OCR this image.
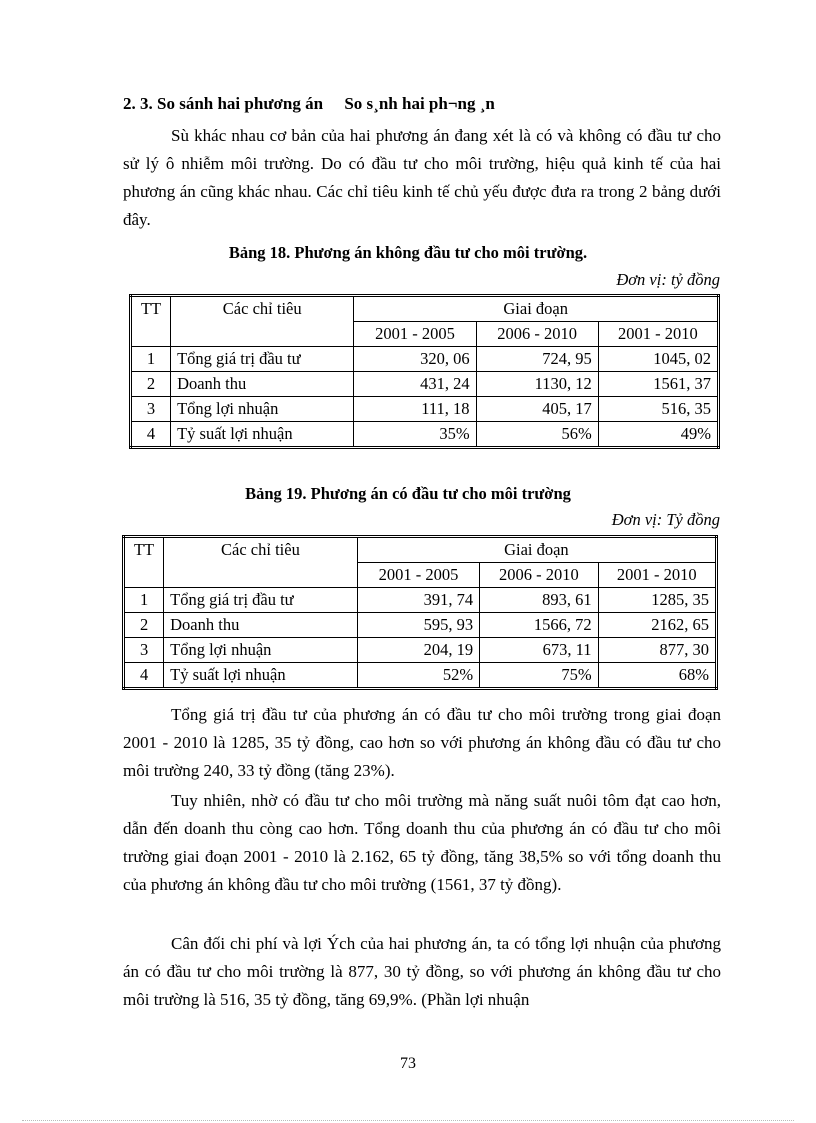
2. 3. So sánh hai phương án So s¸nh hai ph¬ng ¸n

Sù khác nhau cơ bản của hai phương án đang xét là có và không có đầu tư cho sử lý ô nhiễm môi trường. Do có đầu tư cho môi trường, hiệu quả kinh tế của hai phương án cũng khác nhau. Các chỉ tiêu kinh tế chủ yếu được đưa ra trong 2 bảng dưới đây.

Bảng 18. Phương án không đầu tư cho môi trường.
Đơn vị: tỷ đồng
TT	Các chỉ tiêu	Giai đoạn		
		2001 - 2005	2006 - 2010	2001 - 2010
1	Tổng giá trị đầu tư	320, 06	724, 95	1045, 02
2	Doanh thu	431, 24	1130, 12	1561, 37
3	Tổng lợi nhuận	111, 18	405, 17	516, 35
4	Tỷ suất lợi nhuận	35%	56%	49%
Bảng 19. Phương án có đầu tư cho môi trường
Đơn vị: Tỷ đồng
TT	Các chỉ tiêu	Giai đoạn		
		2001 - 2005	2006 - 2010	2001 - 2010
1	Tổng giá trị đầu tư	391, 74	893, 61	1285, 35
2	Doanh thu	595, 93	1566, 72	2162, 65
3	Tổng lợi nhuận	204, 19	673, 11	877, 30
4	Tỷ suất lợi nhuận	52%	75%	68%

Tổng giá trị đầu tư của phương án có đầu tư cho môi trường trong giai đoạn 2001 - 2010 là 1285, 35 tỷ đồng, cao hơn so với phương án không đầu có đầu tư cho môi trường 240, 33 tỷ đồng (tăng 23%).

Tuy nhiên, nhờ có đầu tư cho môi trường mà năng suất nuôi tôm đạt cao hơn, dẫn đến doanh thu còng cao hơn. Tổng doanh thu của phương án có đầu tư cho môi trường giai đoạn 2001 - 2010 là 2.162, 65 tỷ đồng, tăng 38,5% so với tổng doanh thu của phương án không đầu tư cho môi trường (1561, 37 tỷ đồng).

Cân đối chi phí và lợi Ých của hai phương án, ta có tổng lợi nhuận của phương án có đầu tư cho môi trường là 877, 30 tỷ đồng, so với phương án không đầu tư cho môi trường là 516, 35 tỷ đồng, tăng 69,9%. (Phần lợi nhuận

73
